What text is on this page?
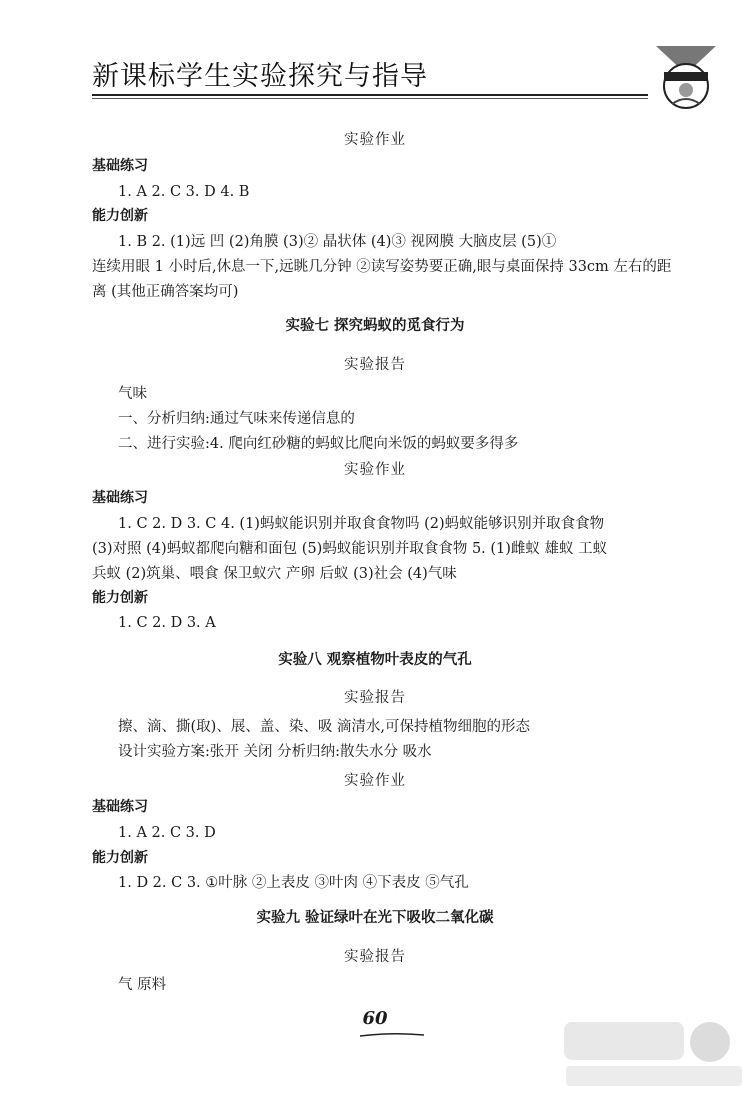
新课标学生实验探究与指导
实验作业
基础练习
1. A 2. C 3. D 4. B
能力创新
1. B 2. (1)远 凹 (2)角膜 (3)② 晶状体 (4)③ 视网膜 大脑皮层 (5)①
连续用眼 1 小时后,休息一下,远眺几分钟 ②读写姿势要正确,眼与桌面保持 33cm 左右的距
离 (其他正确答案均可)
实验七 探究蚂蚁的觅食行为
实验报告
气味
一、分析归纳:通过气味来传递信息的
二、进行实验:4. 爬向红砂糖的蚂蚁比爬向米饭的蚂蚁要多得多
实验作业
基础练习
1. C 2. D 3. C 4. (1)蚂蚁能识别并取食食物吗 (2)蚂蚁能够识别并取食食物
(3)对照 (4)蚂蚁都爬向糖和面包 (5)蚂蚁能识别并取食食物 5. (1)雌蚁 雄蚁 工蚁
兵蚁 (2)筑巢、喂食 保卫蚁穴 产卵 后蚁 (3)社会 (4)气味
能力创新
1. C 2. D 3. A
实验八 观察植物叶表皮的气孔
实验报告
擦、滴、撕(取)、展、盖、染、吸 滴清水,可保持植物细胞的形态
设计实验方案:张开 关闭 分析归纳:散失水分 吸水
实验作业
基础练习
1. A 2. C 3. D
能力创新
1. D 2. C 3. ①叶脉 ②上表皮 ③叶肉 ④下表皮 ⑤气孔
实验九 验证绿叶在光下吸收二氧化碳
实验报告
气 原料
60
